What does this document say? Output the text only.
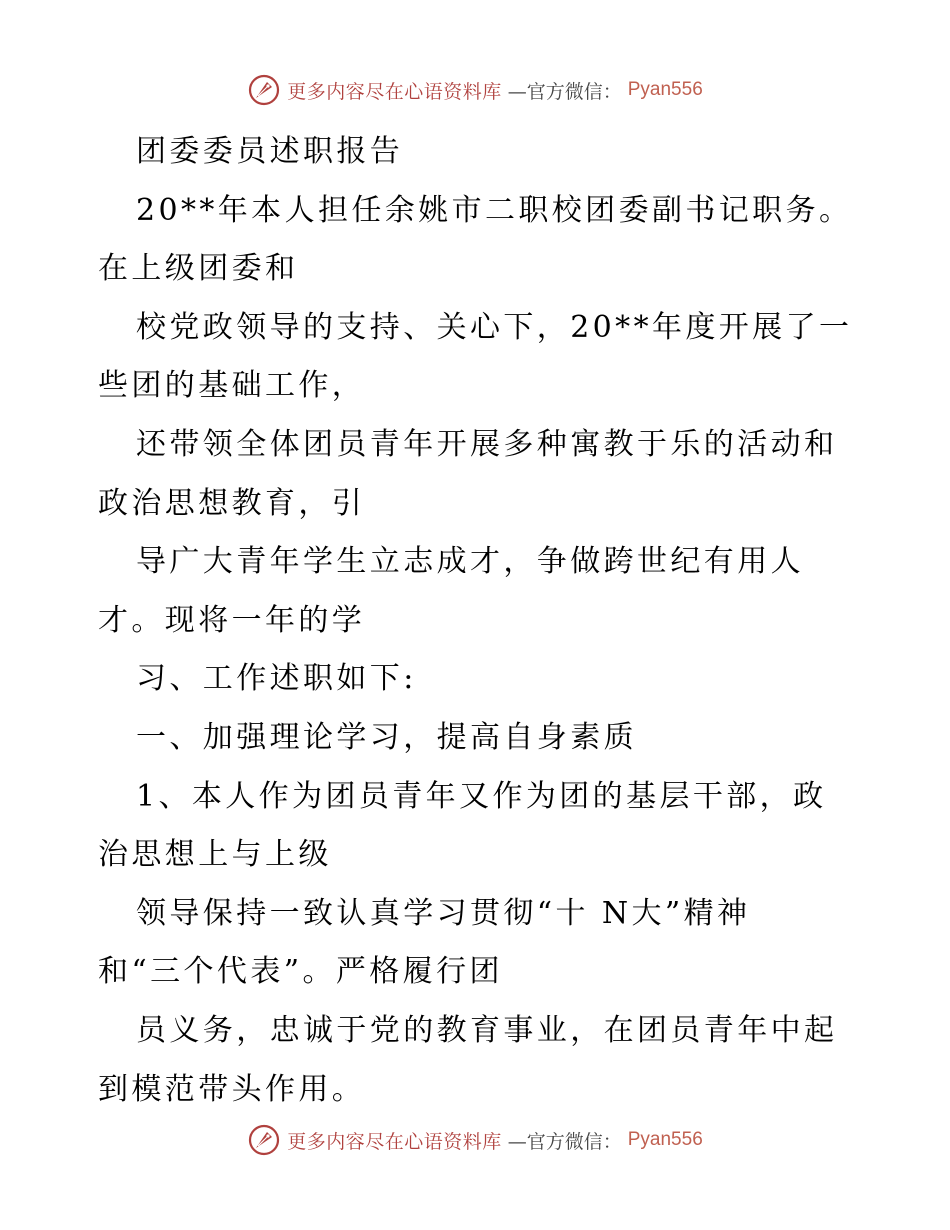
更多内容尽在心语资料库 —官方微信： Pyan556
团委委员述职报告
20**年本人担任余姚市二职校团委副书记职务。
在上级团委和
校党政领导的支持、关心下，20**年度开展了一
些团的基础工作，
还带领全体团员青年开展多种寓教于乐的活动和
政治思想教育，引
导广大青年学生立志成才，争做跨世纪有用人
才。现将一年的学
习、工作述职如下:
一、加强理论学习，提高自身素质
1、本人作为团员青年又作为团的基层干部，政
治思想上与上级
领导保持一致认真学习贯彻“十 N大”精神
和“三个代表”。严格履行团
员义务，忠诚于党的教育事业，在团员青年中起
到模范带头作用。
更多内容尽在心语资料库 —官方微信： Pyan556
